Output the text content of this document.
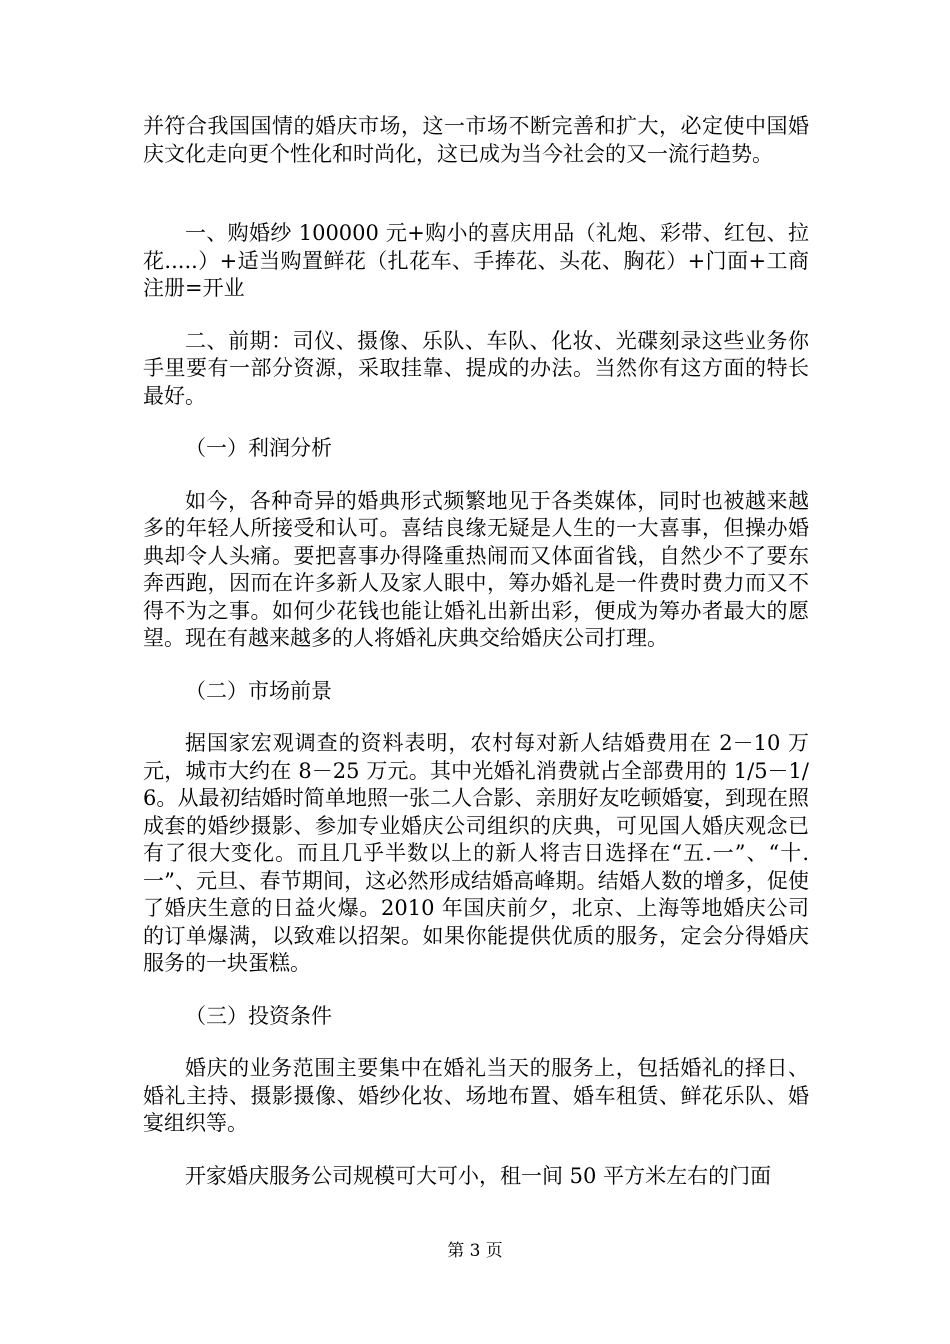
并符合我国国情的婚庆市场，这一市场不断完善和扩大，必定使中国婚庆文化走向更个性化和时尚化，这已成为当今社会的又一流行趋势。

一、购婚纱 100000 元+购小的喜庆用品（礼炮、彩带、红包、拉花.....）+适当购置鲜花（扎花车、手捧花、头花、胸花）+门面+工商注册=开业

二、前期：司仪、摄像、乐队、车队、化妆、光碟刻录这些业务你手里要有一部分资源，采取挂靠、提成的办法。当然你有这方面的特长最好。

（一）利润分析

如今，各种奇异的婚典形式频繁地见于各类媒体，同时也被越来越多的年轻人所接受和认可。喜结良缘无疑是人生的一大喜事，但操办婚典却令人头痛。要把喜事办得隆重热闹而又体面省钱，自然少不了要东奔西跑，因而在许多新人及家人眼中，筹办婚礼是一件费时费力而又不得不为之事。如何少花钱也能让婚礼出新出彩，便成为筹办者最大的愿望。现在有越来越多的人将婚礼庆典交给婚庆公司打理。

（二）市场前景

据国家宏观调查的资料表明，农村每对新人结婚费用在 2－10 万元，城市大约在 8－25 万元。其中光婚礼消费就占全部费用的 1/5－1/6。从最初结婚时简单地照一张二人合影、亲朋好友吃顿婚宴，到现在照成套的婚纱摄影、参加专业婚庆公司组织的庆典，可见国人婚庆观念已有了很大变化。而且几乎半数以上的新人将吉日选择在“五.一”、“十.一”、元旦、春节期间，这必然形成结婚高峰期。结婚人数的增多，促使了婚庆生意的日益火爆。2010 年国庆前夕，北京、上海等地婚庆公司的订单爆满，以致难以招架。如果你能提供优质的服务，定会分得婚庆服务的一块蛋糕。

（三）投资条件

婚庆的业务范围主要集中在婚礼当天的服务上，包括婚礼的择日、婚礼主持、摄影摄像、婚纱化妆、场地布置、婚车租赁、鲜花乐队、婚宴组织等。

开家婚庆服务公司规模可大可小，租一间 50 平方米左右的门面

第 3 页
